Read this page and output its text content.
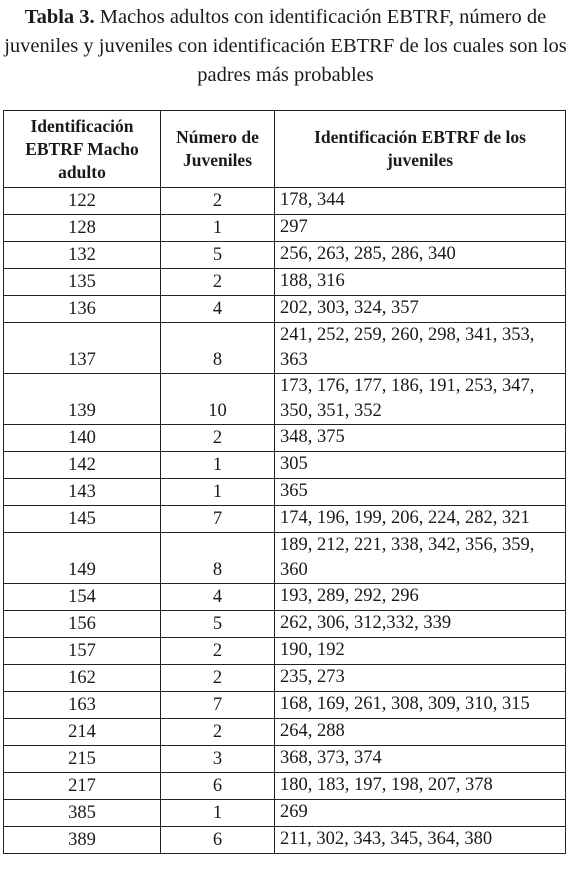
Tabla 3. Machos adultos con identificación EBTRF, número de juveniles y juveniles con identificación EBTRF de los cuales son los padres más probables
Identificación EBTRF Macho adulto	Número de Juveniles	Identificación EBTRF de los juveniles
122	2	178, 344
128	1	297
132	5	256, 263, 285, 286, 340
135	2	188, 316
136	4	202, 303, 324, 357
137	8	241, 252, 259, 260, 298, 341, 353, 363
139	10	173, 176, 177, 186, 191, 253, 347, 350, 351, 352
140	2	348, 375
142	1	305
143	1	365
145	7	174, 196, 199, 206, 224, 282, 321
149	8	189, 212, 221, 338, 342, 356, 359, 360
154	4	193, 289, 292, 296
156	5	262, 306, 312,332, 339
157	2	190, 192
162	2	235, 273
163	7	168, 169, 261, 308, 309, 310, 315
214	2	264, 288
215	3	368, 373, 374
217	6	180, 183, 197, 198, 207, 378
385	1	269
389	6	211, 302, 343, 345, 364, 380
